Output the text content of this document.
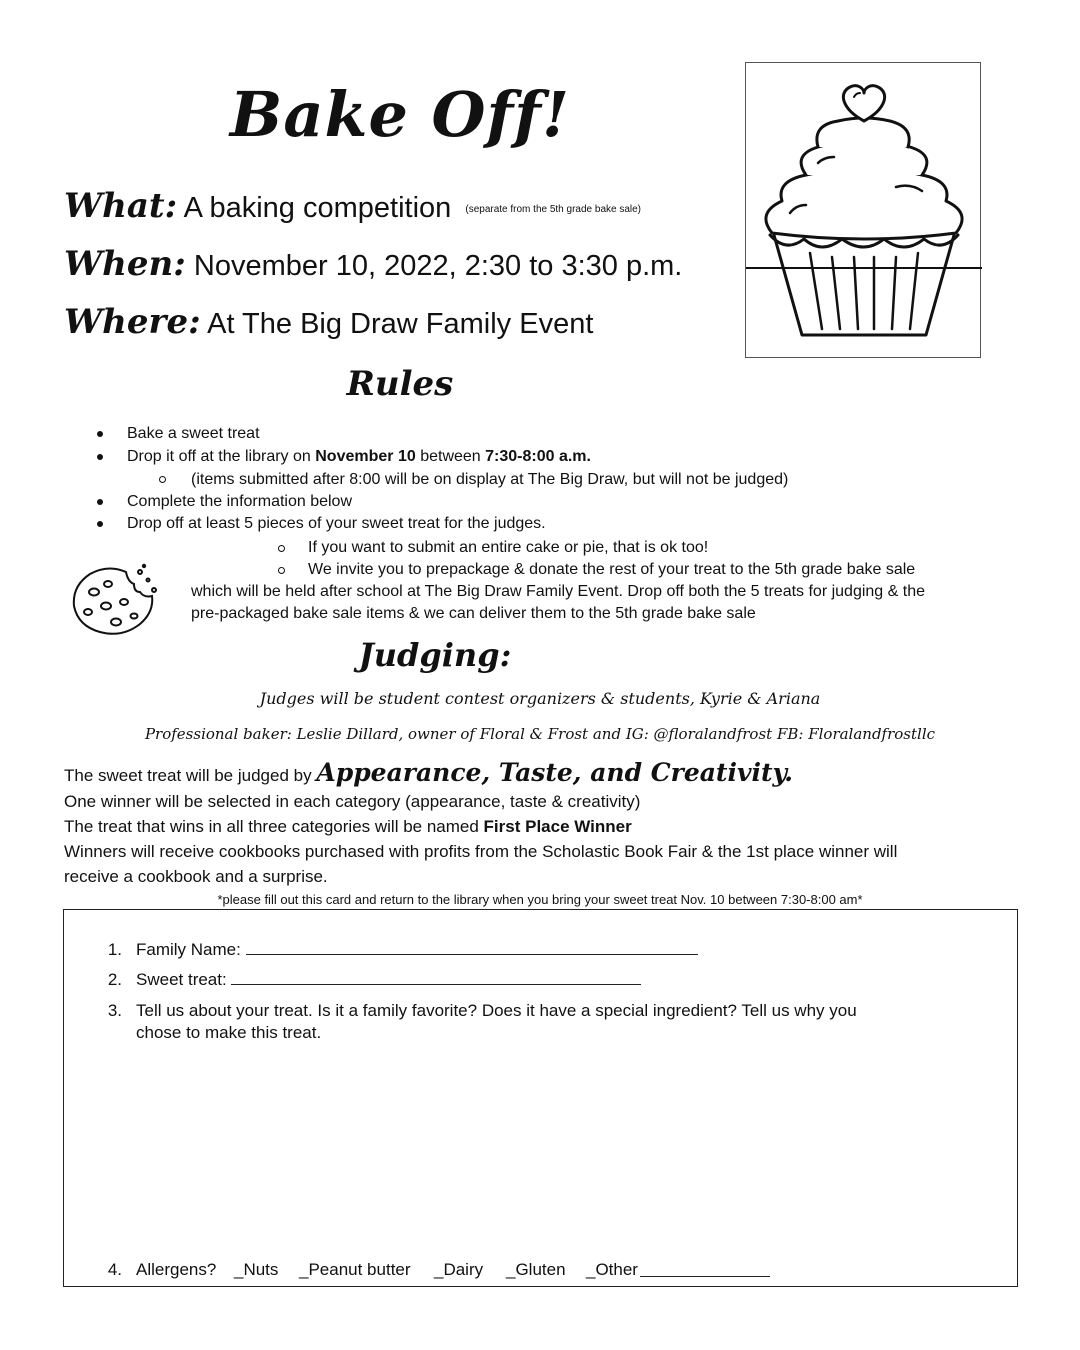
Bake Off!
What: A baking competition (separate from the 5th grade bake sale)
When: November 10, 2022, 2:30 to 3:30 p.m.
Where: At The Big Draw Family Event
Rules
Bake a sweet treat
Drop it off at the library on November 10 between 7:30-8:00 a.m.
(items submitted after 8:00 will be on display at The Big Draw, but will not be judged)
Complete the information below
Drop off at least 5 pieces of your sweet treat for the judges.
If you want to submit an entire cake or pie, that is ok too!
We invite you to prepackage & donate the rest of your treat to the 5th grade bake sale
which will be held after school at The Big Draw Family Event. Drop off both the 5 treats for judging & the
pre-packaged bake sale items & we can deliver them to the 5th grade bake sale
Judging:
Judges will be student contest organizers & students, Kyrie & Ariana
Professional baker: Leslie Dillard, owner of Floral & Frost and IG: @floralandfrost FB: Floralandfrostllc
The sweet treat will be judged by Appearance, Taste, and Creativity.
One winner will be selected in each category (appearance, taste & creativity)
The treat that wins in all three categories will be named First Place Winner
Winners will receive cookbooks purchased with profits from the Scholastic Book Fair & the 1st place winner will
receive a cookbook and a surprise.
*please fill out this card and return to the library when you bring your sweet treat Nov. 10 between 7:30-8:00 am*
1. Family Name:
2. Sweet treat:
3. Tell us about your treat. Is it a family favorite? Does it have a special ingredient? Tell us why you
chose to make this treat.
4. Allergens? _Nuts _Peanut butter _Dairy _Gluten _Other
